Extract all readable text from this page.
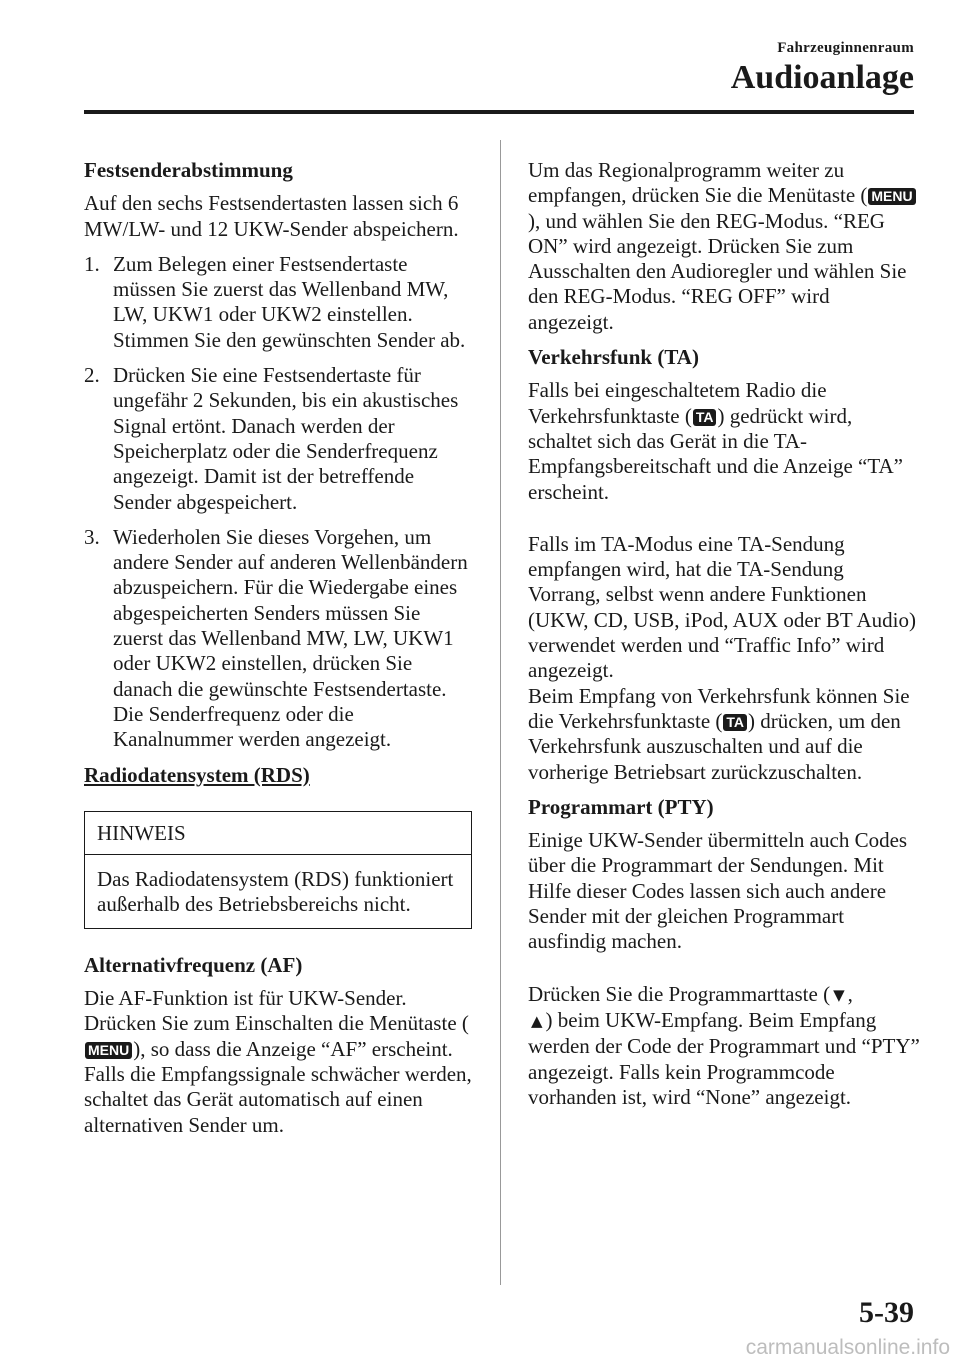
Fahrzeuginnenraum
Audioanlage
Festsenderabstimmung

Auf den sechs Festsendertasten lassen sich 6 MW/LW- und 12 UKW-Sender abspeichern.

1. Zum Belegen einer Festsendertaste müssen Sie zuerst das Wellenband MW, LW, UKW1 oder UKW2 einstellen. Stimmen Sie den gewünschten Sender ab.
2. Drücken Sie eine Festsendertaste für ungefähr 2 Sekunden, bis ein akustisches Signal ertönt. Danach werden der Speicherplatz oder die Senderfrequenz angezeigt. Damit ist der betreffende Sender abgespeichert.
3. Wiederholen Sie dieses Vorgehen, um andere Sender auf anderen Wellenbändern abzuspeichern. Für die Wiedergabe eines abgespeicherten Senders müssen Sie zuerst das Wellenband MW, LW, UKW1 oder UKW2 einstellen, drücken Sie danach die gewünschte Festsendertaste. Die Senderfrequenz oder die Kanalnummer werden angezeigt.
Radiodatensystem (RDS)
HINWEIS
Das Radiodatensystem (RDS) funktioniert außerhalb des Betriebsbereichs nicht.
Alternativfrequenz (AF)

Die AF-Funktion ist für UKW-Sender. Drücken Sie zum Einschalten die Menütaste (MENU ), so dass die Anzeige “AF” erscheint. Falls die Empfangssignale schwächer werden, schaltet das Gerät automatisch auf einen alternativen Sender um.

Um das Regionalprogramm weiter zu empfangen, drücken Sie die Menütaste ( MENU), und wählen Sie den REG-Modus. “REG ON” wird angezeigt. Drücken Sie zum Ausschalten den Audioregler und wählen Sie den REG-Modus. “REG OFF” wird angezeigt.

Verkehrsfunk (TA)

Falls bei eingeschaltetem Radio die Verkehrsfunktaste ( TA ) gedrückt wird, schaltet sich das Gerät in die TA-Empfangsbereitschaft und die Anzeige “TA” erscheint.

Falls im TA-Modus eine TA-Sendung empfangen wird, hat die TA-Sendung Vorrang, selbst wenn andere Funktionen (UKW, CD, USB, iPod, AUX oder BT Audio) verwendet werden und “Traffic Info” wird angezeigt.
Beim Empfang von Verkehrsfunk können Sie die Verkehrsfunktaste ( TA ) drücken, um den Verkehrsfunk auszuschalten und auf die vorherige Betriebsart zurückzuschalten.

Programmart (PTY)

Einige UKW-Sender übermitteln auch Codes über die Programmart der Sendungen. Mit Hilfe dieser Codes lassen sich auch andere Sender mit der gleichen Programmart ausfindig machen.

Drücken Sie die Programmarttaste ( ▼ ,
▲ ) beim UKW-Empfang. Beim Empfang werden der Code der Programmart und “PTY” angezeigt. Falls kein Programmcode vorhanden ist, wird “None” angezeigt.

5-39
carmanualsonline.info
